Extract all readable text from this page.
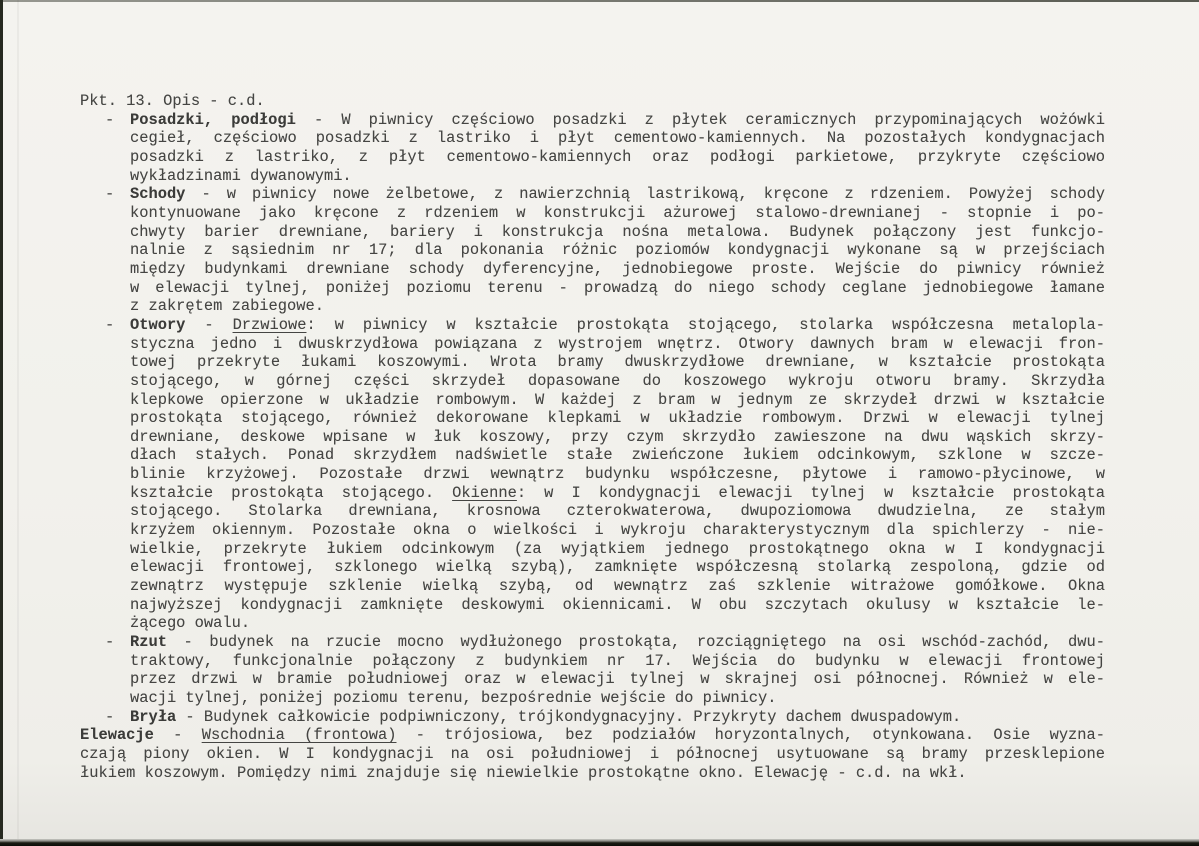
Pkt. 13. Opis - c.d.
- Posadzki, podłogi - W piwnicy częściowo posadzki z płytek ceramicznych przypominających wożówki
cegieł, częściowo posadzki z lastriko i płyt cementowo-kamiennych. Na pozostałych kondygnacjach
posadzki z lastriko, z płyt cementowo-kamiennych oraz podłogi parkietowe, przykryte częściowo
wykładzinami dywanowymi.
- Schody - w piwnicy nowe żelbetowe, z nawierzchnią lastrikową, kręcone z rdzeniem. Powyżej schody
kontynuowane jako kręcone z rdzeniem w konstrukcji ażurowej stalowo-drewnianej - stopnie i po-
chwyty barier drewniane, bariery i konstrukcja nośna metalowa. Budynek połączony jest funkcjo-
nalnie z sąsiednim nr 17; dla pokonania różnic poziomów kondygnacji wykonane są w przejściach
między budynkami drewniane schody dyferencyjne, jednobiegowe proste. Wejście do piwnicy również
w elewacji tylnej, poniżej poziomu terenu - prowadzą do niego schody ceglane jednobiegowe łamane
z zakrętem zabiegowe.
- Otwory - Drzwiowe: w piwnicy w kształcie prostokąta stojącego, stolarka współczesna metalopla-
styczna jedno i dwuskrzydłowa powiązana z wystrojem wnętrz. Otwory dawnych bram w elewacji fron-
towej przekryte łukami koszowymi. Wrota bramy dwuskrzydłowe drewniane, w kształcie prostokąta
stojącego, w górnej części skrzydeł dopasowane do koszowego wykroju otworu bramy. Skrzydła
klepkowe opierzone w układzie rombowym. W każdej z bram w jednym ze skrzydeł drzwi w kształcie
prostokąta stojącego, również dekorowane klepkami w układzie rombowym. Drzwi w elewacji tylnej
drewniane, deskowe wpisane w łuk koszowy, przy czym skrzydło zawieszone na dwu wąskich skrzy-
dłach stałych. Ponad skrzydłem nadświetle stałe zwieńczone łukiem odcinkowym, szklone w szcze-
blinie krzyżowej. Pozostałe drzwi wewnątrz budynku współczesne, płytowe i ramowo-płycinowe, w
kształcie prostokąta stojącego. Okienne: w I kondygnacji elewacji tylnej w kształcie prostokąta
stojącego. Stolarka drewniana, krosnowa czterokwaterowa, dwupoziomowa dwudzielna, ze stałym
krzyżem okiennym. Pozostałe okna o wielkości i wykroju charakterystycznym dla spichlerzy - nie-
wielkie, przekryte łukiem odcinkowym (za wyjątkiem jednego prostokątnego okna w I kondygnacji
elewacji frontowej, szklonego wielką szybą), zamknięte współczesną stolarką zespoloną, gdzie od
zewnątrz występuje szklenie wielką szybą, od wewnątrz zaś szklenie witrażowe gomółkowe. Okna
najwyższej kondygnacji zamknięte deskowymi okiennicami. W obu szczytach okulusy w kształcie le-
żącego owalu.
- Rzut - budynek na rzucie mocno wydłużonego prostokąta, rozciągniętego na osi wschód-zachód, dwu-
traktowy, funkcjonalnie połączony z budynkiem nr 17. Wejścia do budynku w elewacji frontowej
przez drzwi w bramie południowej oraz w elewacji tylnej w skrajnej osi północnej. Również w ele-
wacji tylnej, poniżej poziomu terenu, bezpośrednie wejście do piwnicy.
- Bryła - Budynek całkowicie podpiwniczony, trójkondygnacyjny. Przykryty dachem dwuspadowym.
Elewacje - Wschodnia (frontowa) - trójosiowa, bez podziałów horyzontalnych, otynkowana. Osie wyzna-
czają piony okien. W I kondygnacji na osi południowej i północnej usytuowane są bramy przesklepione
łukiem koszowym. Pomiędzy nimi znajduje się niewielkie prostokątne okno. Elewację - c.d. na wkł.
